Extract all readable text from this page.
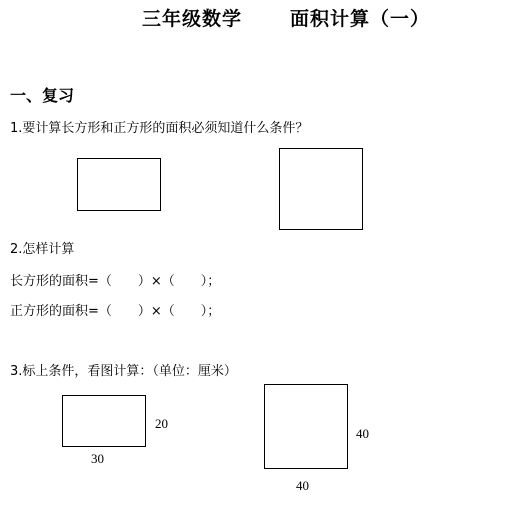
三年级数学	面积计算（一）
一、复习
1.要计算长方形和正方形的面积必须知道什么条件？
2.怎样计算
长方形的面积=（　　）×（　　）；
正方形的面积=（　　）×（　　）；
3.标上条件，看图计算：（单位：厘米）
20
30
40
40
